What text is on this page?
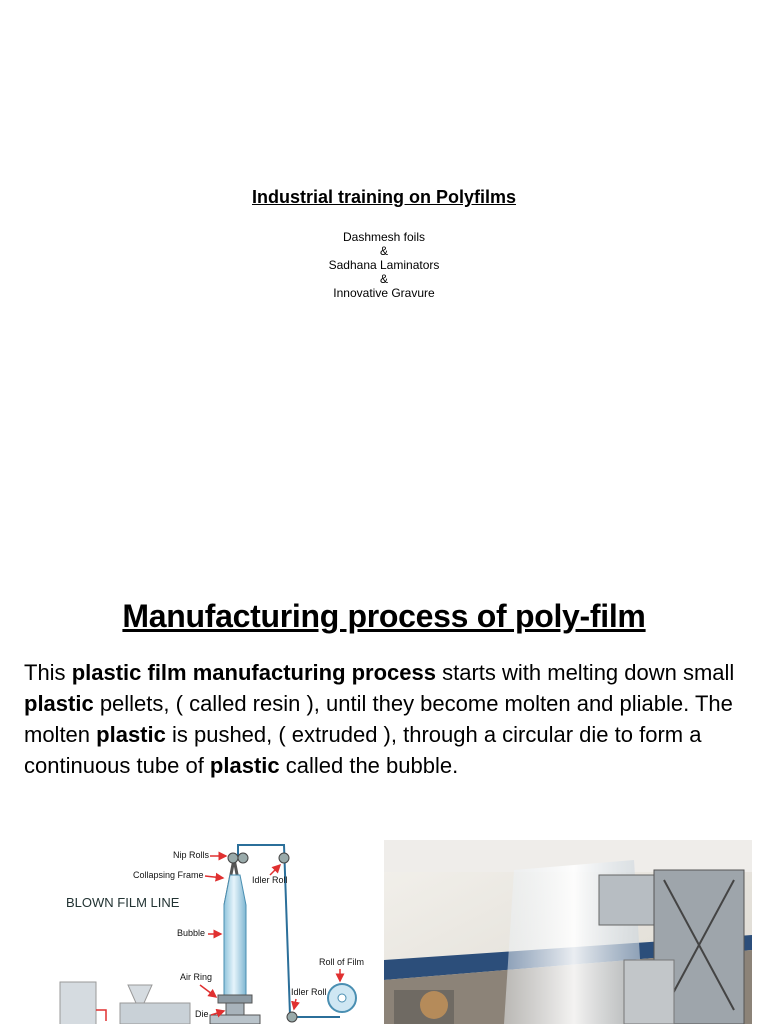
Industrial training on Polyfilms
Dashmesh foils
&
Sadhana Laminators
&
Innovative Gravure
Manufacturing process of poly-film
This plastic film manufacturing process starts with melting down small plastic pellets, ( called resin ), until they become molten and pliable. The molten plastic is pushed, ( extruded ), through a circular die to form a continuous tube of plastic called the bubble.
BLOWN FILM LINE
Nip Rolls
Collapsing Frame	Idler Roll
Bubble
Roll of Film
Air Ring
Idler Roll
Die
